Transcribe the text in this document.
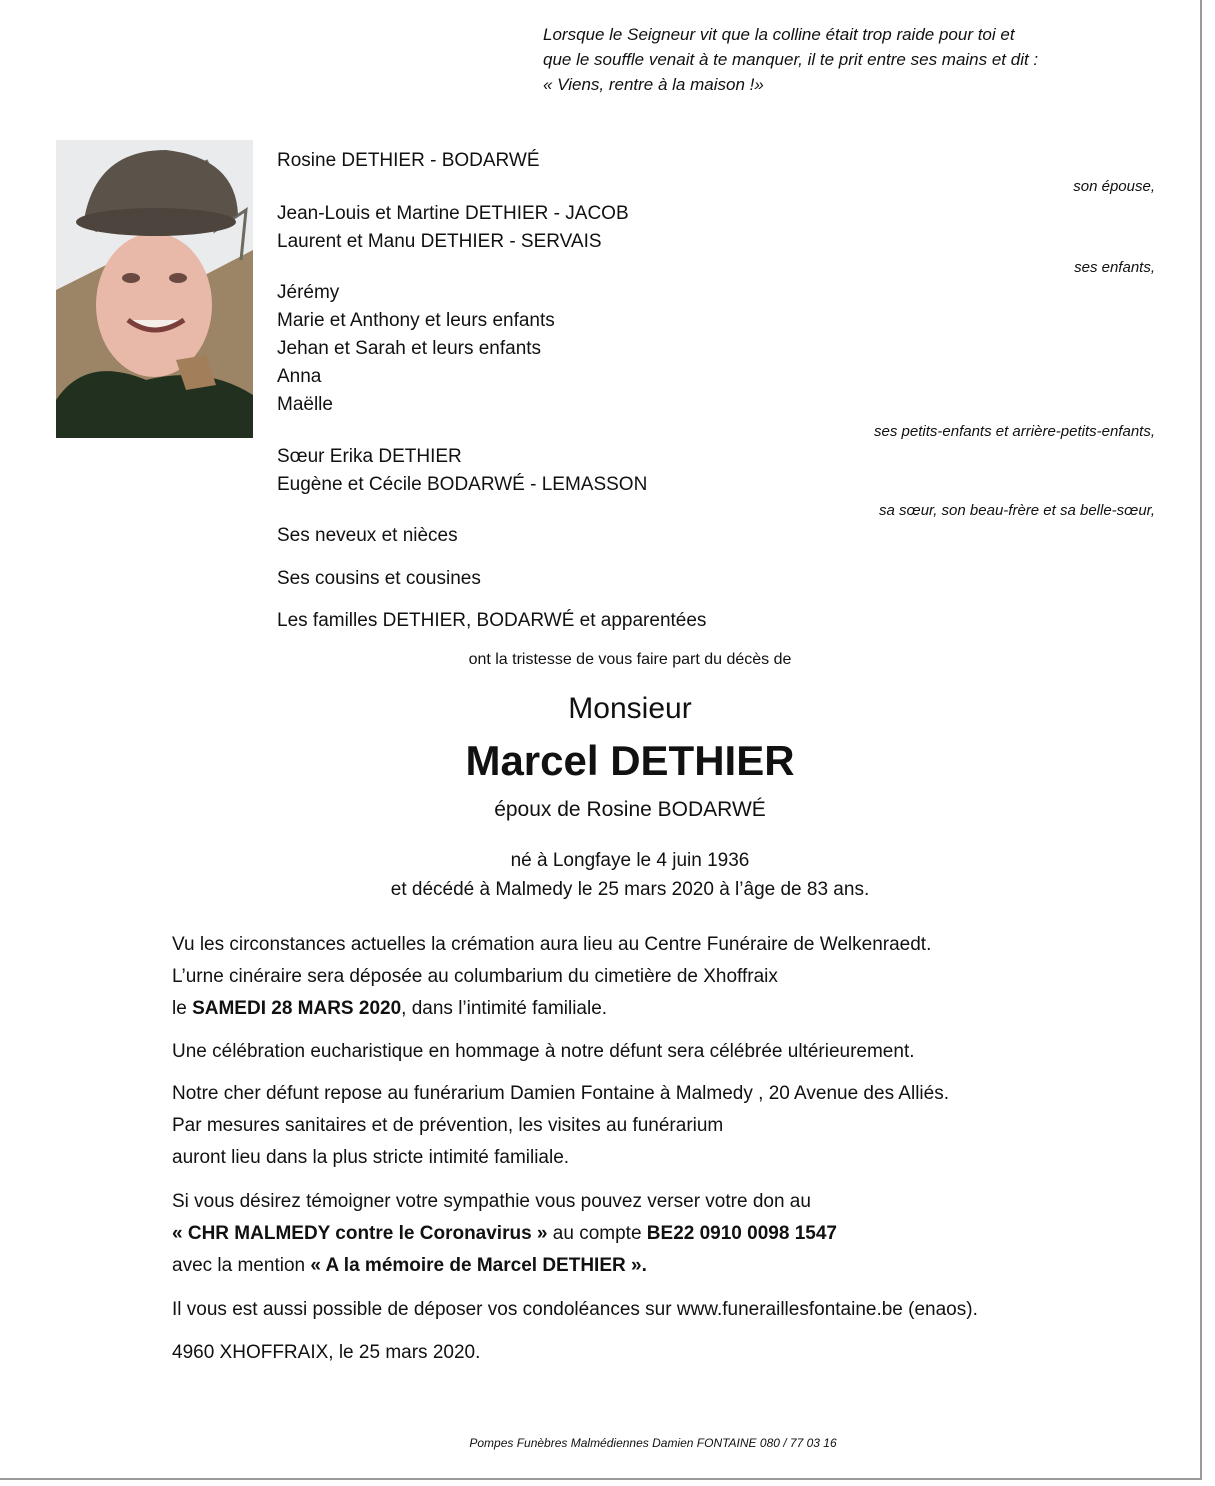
Lorsque le Seigneur vit que la colline était trop raide pour toi et
que le souffle venait à te manquer, il te prit entre ses mains et dit :
« Viens, rentre à la maison !»
Rosine DETHIER - BODARWÉ
son épouse,
Jean-Louis et Martine DETHIER - JACOB
Laurent et Manu DETHIER - SERVAIS
ses enfants,
Jérémy
Marie et Anthony et leurs enfants
Jehan et Sarah et leurs enfants
Anna
Maëlle
ses petits-enfants et arrière-petits-enfants,
Sœur Erika DETHIER
Eugène et Cécile BODARWÉ - LEMASSON
sa sœur, son beau-frère et sa belle-sœur,
Ses neveux et nièces
Ses cousins et cousines
Les familles DETHIER, BODARWÉ et apparentées
ont la tristesse de vous faire part du décès de
Monsieur
Marcel DETHIER
époux de Rosine BODARWÉ
né à Longfaye le 4 juin 1936
et décédé à Malmedy le 25 mars 2020 à l’âge de 83 ans.
Vu les circonstances actuelles la crémation aura lieu au Centre Funéraire de Welkenraedt.
L’urne cinéraire sera déposée au columbarium du cimetière de Xhoffraix
le SAMEDI 28 MARS 2020, dans l’intimité familiale.
Une célébration eucharistique en hommage à notre défunt sera célébrée ultérieurement.
Notre cher défunt repose au funérarium Damien Fontaine à Malmedy , 20 Avenue des Alliés.
Par mesures sanitaires et de prévention, les visites au funérarium
auront lieu dans la plus stricte intimité familiale.
Si vous désirez témoigner votre sympathie vous pouvez verser votre don au
« CHR MALMEDY contre le Coronavirus » au compte BE22 0910 0098 1547
avec la mention « A la mémoire de Marcel DETHIER ».
Il vous est aussi possible de déposer vos condoléances sur www.funeraillesfontaine.be (enaos).
4960 XHOFFRAIX, le 25 mars 2020.
Pompes Funèbres Malmédiennes Damien FONTAINE 080 / 77 03 16
